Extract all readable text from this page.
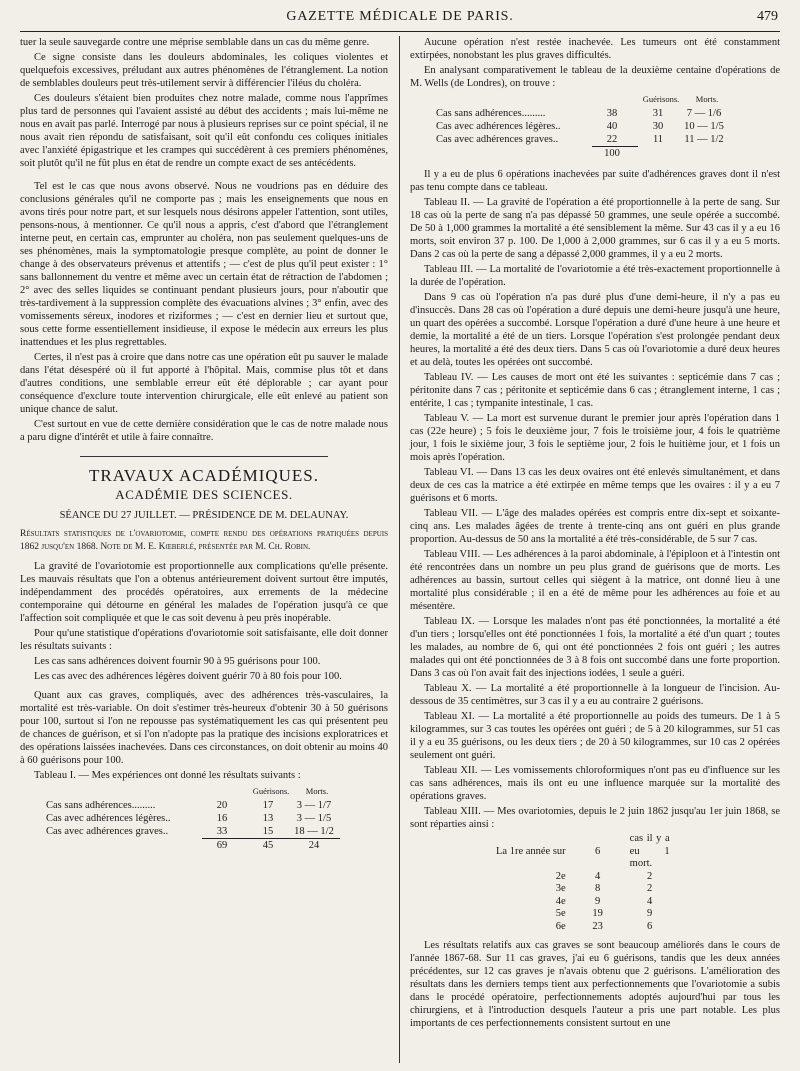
GAZETTE MÉDICALE DE PARIS.	479

tuer la seule sauvegarde contre une méprise semblable dans un cas du même genre.

Ce signe consiste dans les douleurs abdominales, les coliques violentes et quelquefois excessives, préludant aux autres phénomènes de l'étranglement. La notion de semblables douleurs peut très-utilement servir à différencier l'iléus du choléra.

Ces douleurs s'étaient bien produites chez notre malade, comme nous l'apprîmes plus tard de personnes qui l'avaient assisté au début des accidents ; mais lui-même ne nous en avait pas parlé. Interrogé par nous à plusieurs reprises sur ce point spécial, il ne nous avait rien répondu de satisfaisant, soit qu'il eût confondu ces coliques initiales avec l'anxiété épigastrique et les crampes qui succédèrent à ces premiers phénomènes, soit plutôt qu'il ne fût plus en état de rendre un compte exact de ses antécédents.

Tel est le cas que nous avons observé. Nous ne voudrions pas en déduire des conclusions générales qu'il ne comporte pas ; mais les enseignements que nous en avons tirés pour notre part, et sur lesquels nous désirons appeler l'attention, sont utiles, pensons-nous, à mentionner. Ce qu'il nous a appris, c'est d'abord que l'étranglement interne peut, en certain cas, emprunter au choléra, non pas seulement quelques-uns de ses phénomènes, mais la symptomatologie presque complète, au point de donner le change à des observateurs prévenus et attentifs ; — c'est de plus qu'il peut exister : 1° sans ballonnement du ventre et même avec un certain état de rétraction de l'abdomen ; 2° avec des selles liquides se continuant pendant plusieurs jours, pour n'aboutir que très-tardivement à la suppression complète des évacuations alvines ; 3° enfin, avec des vomissements séreux, inodores et riziformes ; — c'est en dernier lieu et surtout que, sous cette forme essentiellement insidieuse, il expose le médecin aux erreurs les plus inattendues et les plus regrettables.

Certes, il n'est pas à croire que dans notre cas une opération eût pu sauver le malade dans l'état désespéré où il fut apporté à l'hôpital. Mais, commise plus tôt et dans d'autres conditions, une semblable erreur eût été déplorable ; car ayant pour conséquence d'exclure toute intervention chirurgicale, elle eût enlevé au patient son unique chance de salut.

C'est surtout en vue de cette dernière considération que le cas de notre malade nous a paru digne d'intérêt et utile à faire connaître.

TRAVAUX ACADÉMIQUES.
ACADÉMIE DES SCIENCES.
SÉANCE DU 27 JUILLET. — PRÉSIDENCE DE M. DELAUNAY.

Résultats statistiques de l'ovariotomie, compte rendu des opérations pratiquées depuis 1862 jusqu'en 1868. Note de M. E. Kœberlé, présentée par M. Ch. Robin.

La gravité de l'ovariotomie est proportionnelle aux complications qu'elle présente. Les mauvais résultats que l'on a obtenus antérieurement doivent surtout être imputés, indépendamment des procédés opératoires, aux errements de la médecine contemporaine qui détourne en général les malades de l'opération jusqu'à ce que l'affection soit compliquée et que le cas soit devenu à peu près inopérable.

Pour qu'une statistique d'opérations d'ovariotomie soit satisfaisante, elle doit donner les résultats suivants :

Les cas sans adhérences doivent fournir 90 à 95 guérisons pour 100.

Les cas avec des adhérences légères doivent guérir 70 à 80 fois pour 100.

Quant aux cas graves, compliqués, avec des adhérences très-vasculaires, la mortalité est très-variable. On doit s'estimer très-heureux d'obtenir 30 à 50 guérisons pour 100, surtout si l'on ne repousse pas systématiquement les cas qui présentent peu de chances de guérison, et si l'on n'adopte pas la pratique des incisions exploratrices et des opérations laissées inachevées. Dans ces circonstances, on doit obtenir au moins 40 à 60 guérisons pour 100.

Tableau I. — Mes expériences ont donné les résultats suivants :

		Guérisons.	Morts.
Cas sans adhérences.........	20	17	3 — 1/7
Cas avec adhérences légères..	16	13	3 — 1/5
Cas avec adhérences graves..	33	15	18 — 1/2
	69	45	24

Aucune opération n'est restée inachevée. Les tumeurs ont été constamment extirpées, nonobstant les plus graves difficultés.

En analysant comparativement le tableau de la deuxième centaine d'opérations de M. Wells (de Londres), on trouve :

		Guérisons.	Morts.
Cas sans adhérences.........	38	31	7 — 1/6
Cas avec adhérences légères..	40	30	10 — 1/5
Cas avec adhérences graves..	22	11	11 — 1/2
	100		

Il y a eu de plus 6 opérations inachevées par suite d'adhérences graves dont il n'est pas tenu compte dans ce tableau.

Tableau II. — La gravité de l'opération a été proportionnelle à la perte de sang. Sur 18 cas où la perte de sang n'a pas dépassé 50 grammes, une seule opérée a succombé. De 50 à 1,000 grammes la mortalité a été sensiblement la même. Sur 43 cas il y a eu 16 morts, soit environ 37 p. 100. De 1,000 à 2,000 grammes, sur 6 cas il y a eu 5 morts. Dans 2 cas où la perte de sang a dépassé 2,000 grammes, il y a eu 2 morts.

Tableau III. — La mortalité de l'ovariotomie a été très-exactement proportionnelle à la durée de l'opération.

Dans 9 cas où l'opération n'a pas duré plus d'une demi-heure, il n'y a pas eu d'insuccès. Dans 28 cas où l'opération a duré depuis une demi-heure jusqu'à une heure, un quart des opérées a succombé. Lorsque l'opération a duré d'une heure à une heure et demie, la mortalité a été de un tiers. Lorsque l'opération s'est prolongée pendant deux heures, la mortalité a été des deux tiers. Dans 5 cas où l'ovariotomie a duré deux heures et au delà, toutes les opérées ont succombé.

Tableau IV. — Les causes de mort ont été les suivantes : septicémie dans 7 cas ; péritonite dans 7 cas ; péritonite et septicémie dans 6 cas ; étranglement interne, 1 cas ; entérite, 1 cas ; tympanite intestinale, 1 cas.

Tableau V. — La mort est survenue durant le premier jour après l'opération dans 1 cas (22e heure) ; 5 fois le deuxième jour, 7 fois le troisième jour, 4 fois le quatrième jour, 1 fois le sixième jour, 3 fois le septième jour, 2 fois le huitième jour, et 1 fois un mois après l'opération.

Tableau VI. — Dans 13 cas les deux ovaires ont été enlevés simultanément, et dans deux de ces cas la matrice a été extirpée en même temps que les ovaires : il y a eu 7 guérisons et 6 morts.

Tableau VII. — L'âge des malades opérées est compris entre dix-sept et soixante-cinq ans. Les malades âgées de trente à trente-cinq ans ont guéri en plus grande proportion. Au-dessus de 50 ans la mortalité a été très-considérable, de 5 sur 7 cas.

Tableau VIII. — Les adhérences à la paroi abdominale, à l'épiploon et à l'intestin ont été rencontrées dans un nombre un peu plus grand de guérisons que de morts. Les adhérences au bassin, surtout celles qui siègent à la matrice, ont donné lieu à une mortalité plus considérable ; il en a été de même pour les adhérences au foie et au mésentère.

Tableau IX. — Lorsque les malades n'ont pas été ponctionnées, la mortalité a été d'un tiers ; lorsqu'elles ont été ponctionnées 1 fois, la mortalité a été d'un quart ; toutes les malades, au nombre de 6, qui ont été ponctionnées 2 fois ont guéri ; les autres malades qui ont été ponctionnées de 3 à 8 fois ont succombé dans une forte proportion. Dans 3 cas où l'on avait fait des injections iodées, 1 seule a guéri.

Tableau X. — La mortalité a été proportionnelle à la longueur de l'incision. Au-dessous de 35 centimètres, sur 3 cas il y a eu au contraire 2 guérisons.

Tableau XI. — La mortalité a été proportionnelle au poids des tumeurs. De 1 à 5 kilogrammes, sur 3 cas toutes les opérées ont guéri ; de 5 à 20 kilogrammes, sur 51 cas il y a eu 35 guérisons, ou les deux tiers ; de 20 à 50 kilogrammes, sur 10 cas 2 opérées seulement ont guéri.

Tableau XII. — Les vomissements chloroformiques n'ont pas eu d'influence sur les cas sans adhérences, mais ils ont eu une influence marquée sur la mortalité des opérations graves.

Tableau XIII. — Mes ovariotomies, depuis le 2 juin 1862 jusqu'au 1er juin 1868, se sont réparties ainsi :

La 1re année sur	6	cas il y a eu 1 mort.
2e	4	2
3e	8	2
4e	9	4
5e	19	9
6e	23	6

Les résultats relatifs aux cas graves se sont beaucoup améliorés dans le cours de l'année 1867-68. Sur 11 cas graves, j'ai eu 6 guérisons, tandis que les deux années précédentes, sur 12 cas graves je n'avais obtenu que 2 guérisons. L'amélioration des résultats dans les derniers temps tient aux perfectionnements que l'ovariotomie a subis dans le procédé opératoire, perfectionnements adoptés aujourd'hui par tous les chirurgiens, et à l'introduction desquels l'auteur a pris une part notable. Les plus importants de ces perfectionnements consistent surtout en une
